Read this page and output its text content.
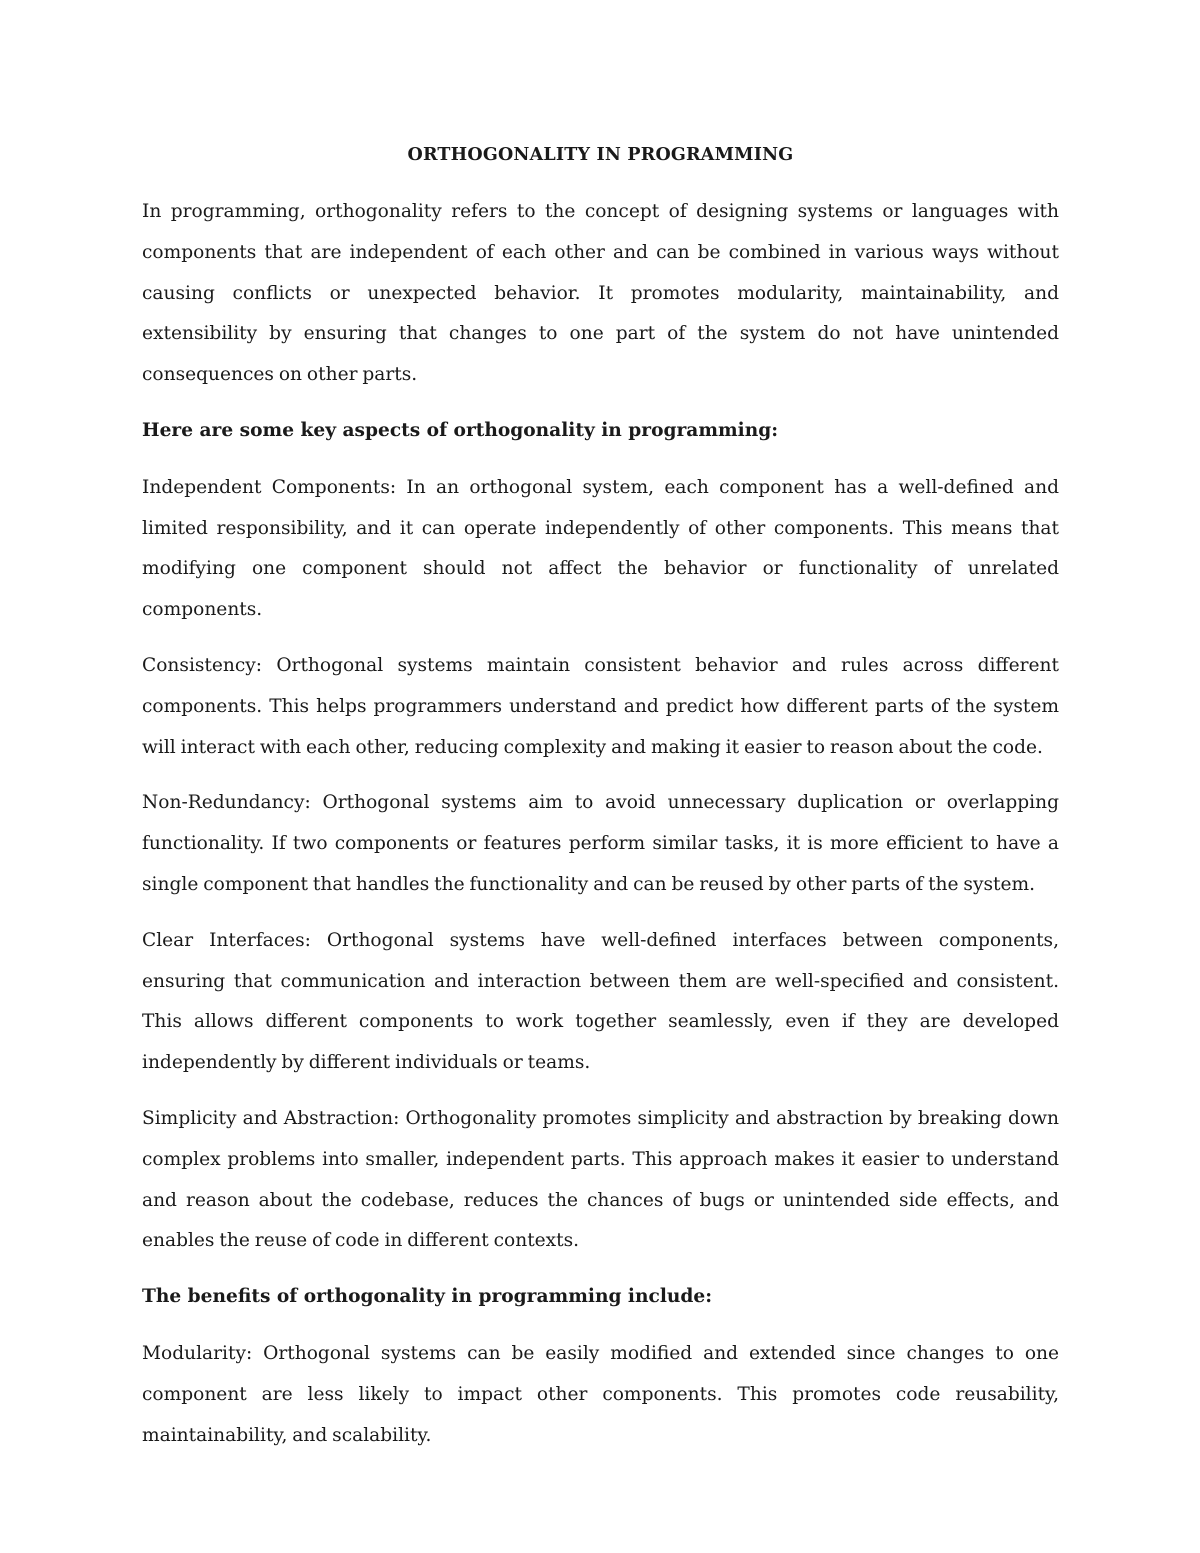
ORTHOGONALITY IN PROGRAMMING

In programming, orthogonality refers to the concept of designing systems or languages with components that are independent of each other and can be combined in various ways without causing conflicts or unexpected behavior. It promotes modularity, maintainability, and extensibility by ensuring that changes to one part of the system do not have unintended consequences on other parts.

Here are some key aspects of orthogonality in programming:

Independent Components: In an orthogonal system, each component has a well-defined and limited responsibility, and it can operate independently of other components. This means that modifying one component should not affect the behavior or functionality of unrelated components.

Consistency: Orthogonal systems maintain consistent behavior and rules across different components. This helps programmers understand and predict how different parts of the system will interact with each other, reducing complexity and making it easier to reason about the code.

Non-Redundancy: Orthogonal systems aim to avoid unnecessary duplication or overlapping functionality. If two components or features perform similar tasks, it is more efficient to have a single component that handles the functionality and can be reused by other parts of the system.

Clear Interfaces: Orthogonal systems have well-defined interfaces between components, ensuring that communication and interaction between them are well-specified and consistent. This allows different components to work together seamlessly, even if they are developed independently by different individuals or teams.

Simplicity and Abstraction: Orthogonality promotes simplicity and abstraction by breaking down complex problems into smaller, independent parts. This approach makes it easier to understand and reason about the codebase, reduces the chances of bugs or unintended side effects, and enables the reuse of code in different contexts.

The benefits of orthogonality in programming include:

Modularity: Orthogonal systems can be easily modified and extended since changes to one component are less likely to impact other components. This promotes code reusability, maintainability, and scalability.
